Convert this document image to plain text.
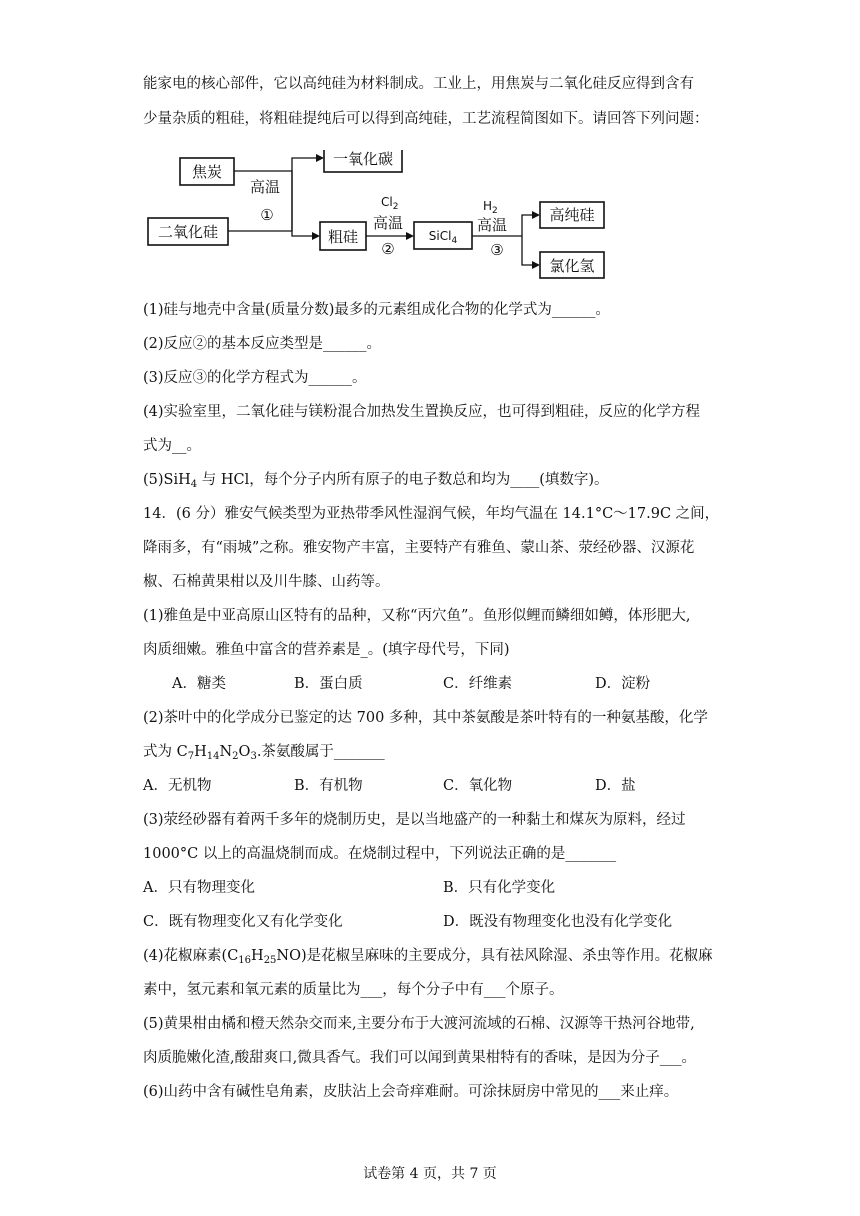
能家电的核心部件，它以高纯硅为材料制成。工业上，用焦炭与二氧化硅反应得到含有
少量杂质的粗硅，将粗硅提纯后可以得到高纯硅，工艺流程简图如下。请回答下列问题：
焦炭
二氧化硅
一氧化碳
粗硅	SiCl$_4$
高纯硅
氯化氢
高温
①
$Cl_2$
高温
②
$H_2$
高温
③
(1)硅与地壳中含量(质量分数)最多的元素组成化合物的化学式为______。
(2)反应②的基本反应类型是______。
(3)反应③的化学方程式为______。
(4)实验室里，二氧化硅与镁粉混合加热发生置换反应，也可得到粗硅，反应的化学方程
式为__。
(5)SiH$_4$ 与 HCl，每个分子内所有原子的电子数总和均为____(填数字)。
14．(6 分）雅安气候类型为亚热带季风性湿润气候，年均气温在 14.1°C～17.9C 之间，
降雨多，有“雨城”之称。雅安物产丰富，主要特产有雅鱼、蒙山茶、荥经砂器、汉源花
椒、石棉黄果柑以及川牛膝、山药等。
(1)雅鱼是中亚高原山区特有的品种，又称“丙穴鱼”。鱼形似鲤而鳞细如鳟，体形肥大,
肉质细嫩。雅鱼中富含的营养素是_。(填字母代号，下同)
A．糖类	B．蛋白质	C．纤维素	D．淀粉
(2)茶叶中的化学成分已鉴定的达 700 多种，其中茶氨酸是茶叶特有的一种氨基酸，化学
式为 $C_7H_{14}N_2O_3$.茶氨酸属于_______
A．无机物	B．有机物	C．氧化物	D．盐
(3)荥经砂器有着两千多年的烧制历史，是以当地盛产的一种黏土和煤灰为原料，经过
1000°C 以上的高温烧制而成。在烧制过程中，下列说法正确的是_______
A．只有物理变化	B．只有化学变化
C．既有物理变化又有化学变化	D．既没有物理变化也没有化学变化
(4)花椒麻素$(C_{16}H_{25}NO)$是花椒呈麻味的主要成分，具有祛风除湿、杀虫等作用。花椒麻
素中，氢元素和氧元素的质量比为___，每个分子中有___个原子。
(5)黄果柑由橘和橙天然杂交而来,主要分布于大渡河流域的石棉、汉源等干热河谷地带,
肉质脆嫩化渣,酸甜爽口,微具香气。我们可以闻到黄果柑特有的香味，是因为分子___。
(6)山药中含有碱性皂角素，皮肤沾上会奇痒难耐。可涂抹厨房中常见的___来止痒。
试卷第 4 页，共 7 页
